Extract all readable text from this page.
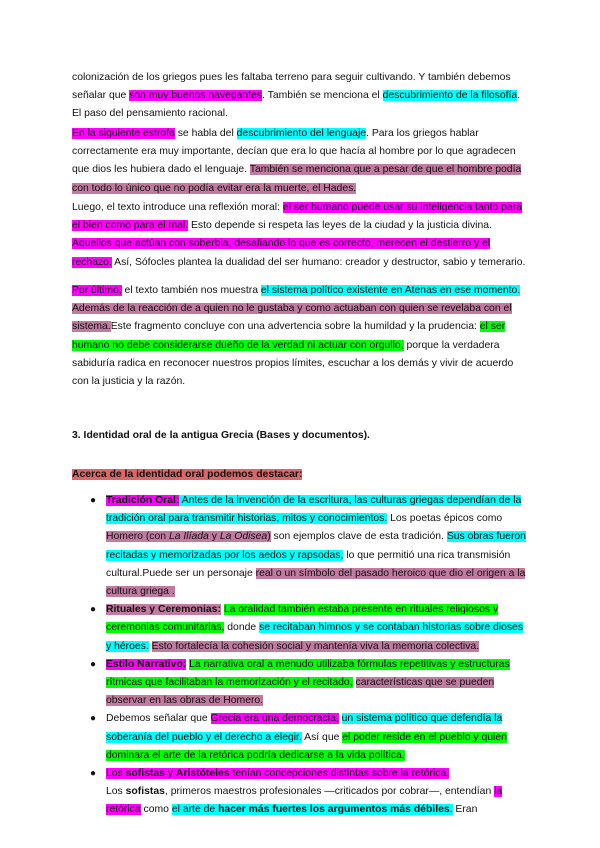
colonización de los griegos pues les faltaba terreno para seguir cultivando. Y también debemos señalar que son muy buenos navegantes. También se menciona el descubrimiento de la filosofía. El paso del pensamiento racional.
En la siguiente estrofa se habla del descubrimiento del lenguaje. Para los griegos hablar correctamente era muy importante, decían que era lo que hacía al hombre por lo que agradecen que dios les hubiera dado el lenguaje. También se menciona que a pesar de que el hombre podía con todo lo único que no podía evitar era la muerte, el Hades.
Luego, el texto introduce una reflexión moral: el ser humano puede usar su inteligencia tanto para el bien como para el mal. Esto depende si respeta las leyes de la ciudad y la justicia divina. Aquellos que actúan con soberbia, desafiando lo que es correcto, merecen el destierro y el rechazo. Así, Sófocles plantea la dualidad del ser humano: creador y destructor, sabio y temerario.
Por último, el texto también nos muestra el sistema político existente en Atenas en ese momento. Además de la reacción de a quien no le gustaba y como actuaban con quien se revelaba con el sistema.Este fragmento concluye con una advertencia sobre la humildad y la prudencia: el ser humano no debe considerarse dueño de la verdad ni actuar con orgullo, porque la verdadera sabiduría radica en reconocer nuestros propios límites, escuchar a los demás y vivir de acuerdo con la justicia y la razón.
3. Identidad oral de la antigua Grecia (Bases y documentos).
Acerca de la identidad oral podemos destacar:
● Tradición Oral: Antes de la invención de la escritura, las culturas griegas dependían de la tradición oral para transmitir historias, mitos y conocimientos. Los poetas épicos como Homero (con La Ilíada y La Odisea) son ejemplos clave de esta tradición. Sus obras fueron recitadas y memorizadas por los aedos y rapsodas, lo que permitió una rica transmisión cultural.Puede ser un personaje real o un símbolo del pasado heroico que dio el origen a la cultura griega .
● Rituales y Ceremonias: La oralidad también estaba presente en rituales religiosos y ceremonias comunitarias, donde se recitaban himnos y se contaban historias sobre dioses y héroes. Esto fortalecía la cohesión social y mantenía viva la memoria colectiva.
● Estilo Narrativo: La narrativa oral a menudo utilizaba fórmulas repetitivas y estructuras rítmicas que facilitaban la memorización y el recitado, características que se pueden observar en las obras de Homero.
● Debemos señalar que Grecia era una democracia, un sistema político que defendía la soberanía del pueblo y el derecho a elegir. Así que el poder reside en el pueblo y quien dominara el arte de la retórica podría dedicarse a la vida política.
● Los sofistas y Aristóteles tenían concepciones distintas sobre la retórica.
Los sofistas, primeros maestros profesionales —criticados por cobrar—, entendían la retórica como el arte de hacer más fuertes los argumentos más débiles. Eran
